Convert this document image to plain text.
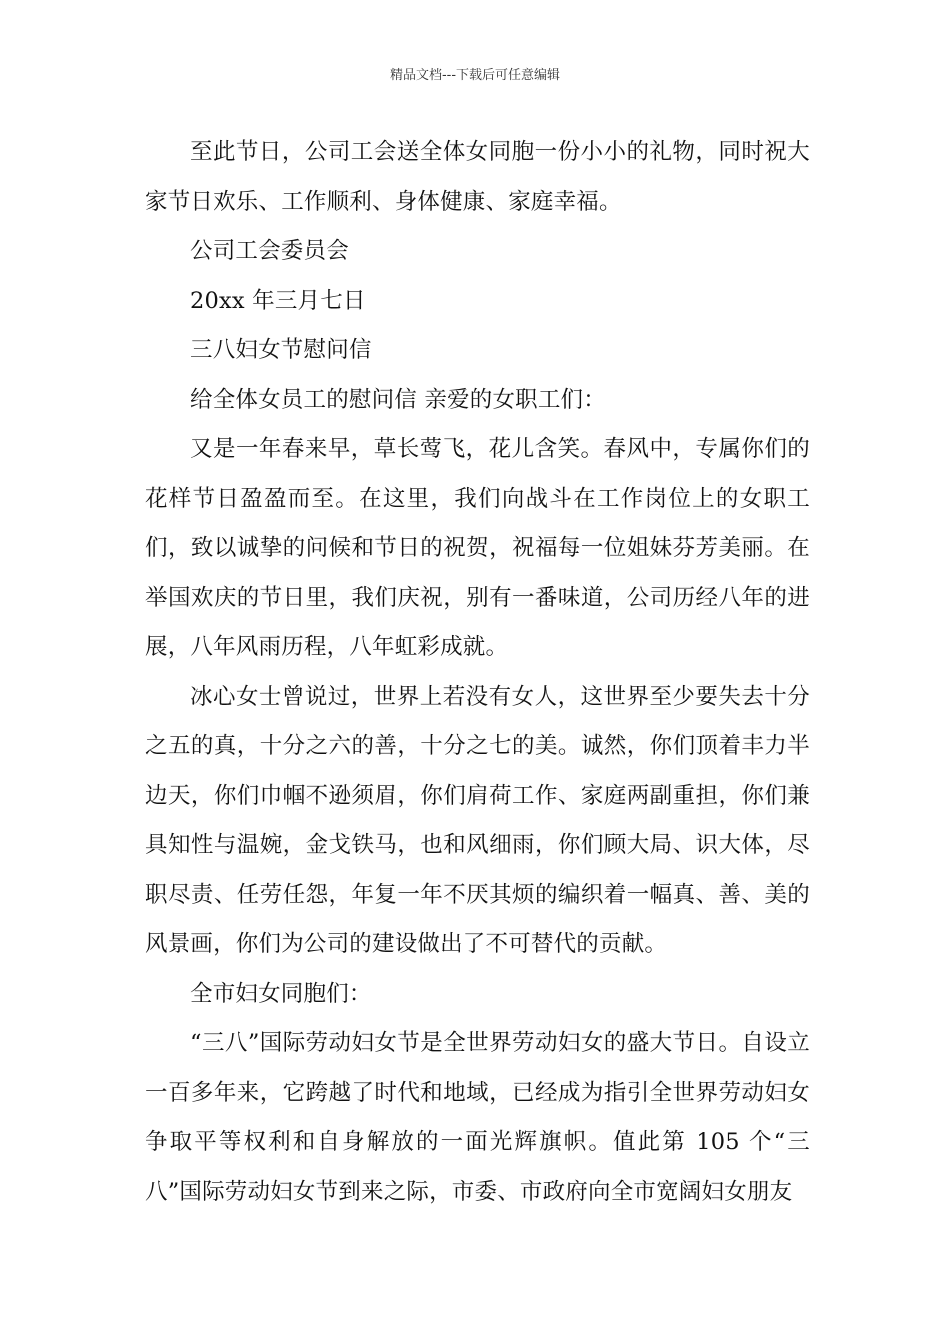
精品文档---下载后可任意编辑

至此节日，公司工会送全体女同胞一份小小的礼物，同时祝大家节日欢乐、工作顺利、身体健康、家庭幸福。

公司工会委员会

20xx 年三月七日

三八妇女节慰问信

给全体女员工的慰问信 亲爱的女职工们：

又是一年春来早，草长莺飞，花儿含笑。春风中，专属你们的花样节日盈盈而至。在这里，我们向战斗在工作岗位上的女职工们，致以诚挚的问候和节日的祝贺，祝福每一位姐妹芬芳美丽。在举国欢庆的节日里，我们庆祝，别有一番味道，公司历经八年的进展，八年风雨历程，八年虹彩成就。

冰心女士曾说过，世界上若没有女人，这世界至少要失去十分之五的真，十分之六的善，十分之七的美。诚然，你们顶着丰力半边天，你们巾帼不逊须眉，你们肩荷工作、家庭两副重担，你们兼具知性与温婉，金戈铁马，也和风细雨，你们顾大局、识大体，尽职尽责、任劳任怨，年复一年不厌其烦的编织着一幅真、善、美的风景画，你们为公司的建设做出了不可替代的贡献。

全市妇女同胞们：

“三八”国际劳动妇女节是全世界劳动妇女的盛大节日。自设立一百多年来，它跨越了时代和地域，已经成为指引全世界劳动妇女争取平等权利和自身解放的一面光辉旗帜。值此第 105 个“三八”国际劳动妇女节到来之际，市委、市政府向全市宽阔妇女朋友
